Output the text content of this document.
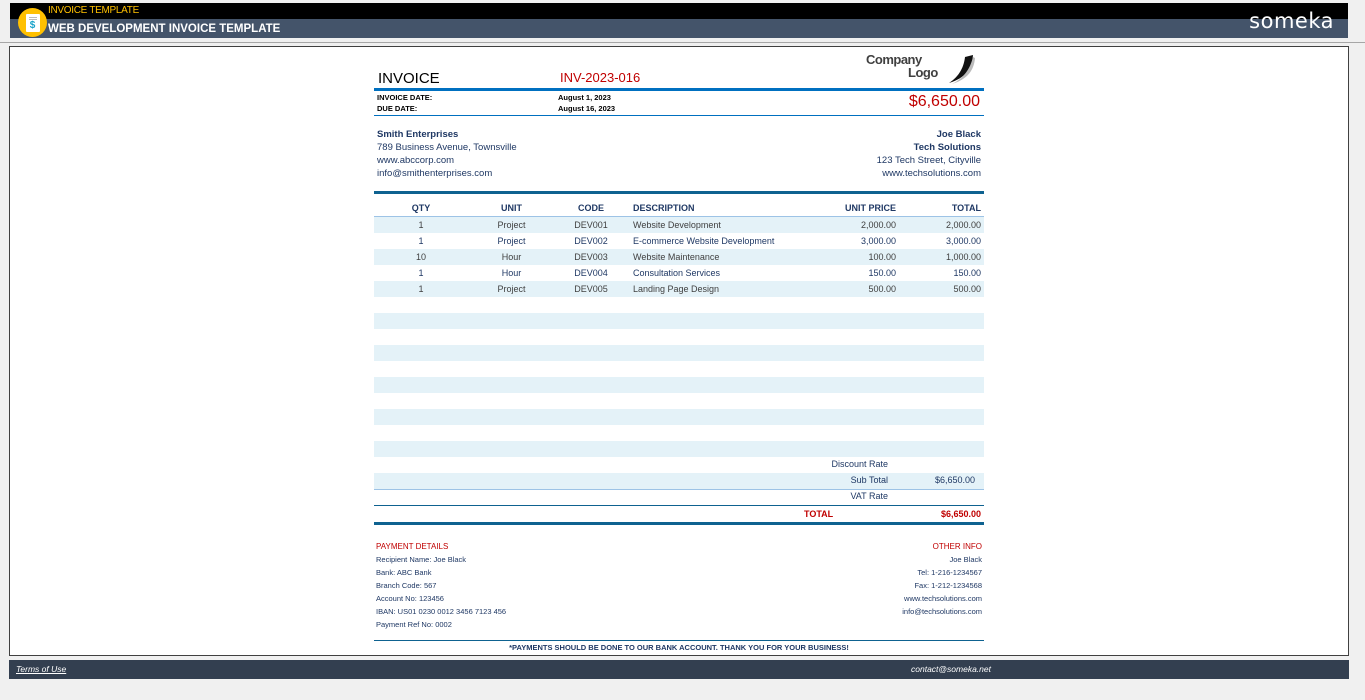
$
INVOICE TEMPLATE
WEB DEVELOPMENT INVOICE TEMPLATE	someka
INVOICE	INV-2023-016
Company
Logo
INVOICE DATE:	August 1, 2023
DUE DATE:	August 16, 2023	$6,650.00
Smith Enterprises
789 Business Avenue, Townsville
www.abccorp.com
info@smithenterprises.com
Joe Black
Tech Solutions
123 Tech Street, Cityville
www.techsolutions.com
QTY	UNIT	CODE	DESCRIPTION	UNIT PRICE	TOTAL
1	Project	DEV001	Website Development	2,000.00	2,000.00
1	Project	DEV002	E-commerce Website Development	3,000.00	3,000.00
10	Hour	DEV003	Website Maintenance	100.00	1,000.00
1	Hour	DEV004	Consultation Services	150.00	150.00
1	Project	DEV005	Landing Page Design	500.00	500.00
Discount Rate
Sub Total	$6,650.00
VAT Rate
TOTAL	$6,650.00
PAYMENT DETAILS
Recipient Name: Joe Black
Bank: ABC Bank
Branch Code: 567
Account No: 123456
IBAN: US01 0230 0012 3456 7123 456
Payment Ref No: 0002
OTHER INFO
Joe Black
Tel: 1-216-1234567
Fax: 1-212-1234568
www.techsolutions.com
info@techsolutions.com
*PAYMENTS SHOULD BE DONE TO OUR BANK ACCOUNT. THANK YOU FOR YOUR BUSINESS!
Terms of Use	contact@someka.net
